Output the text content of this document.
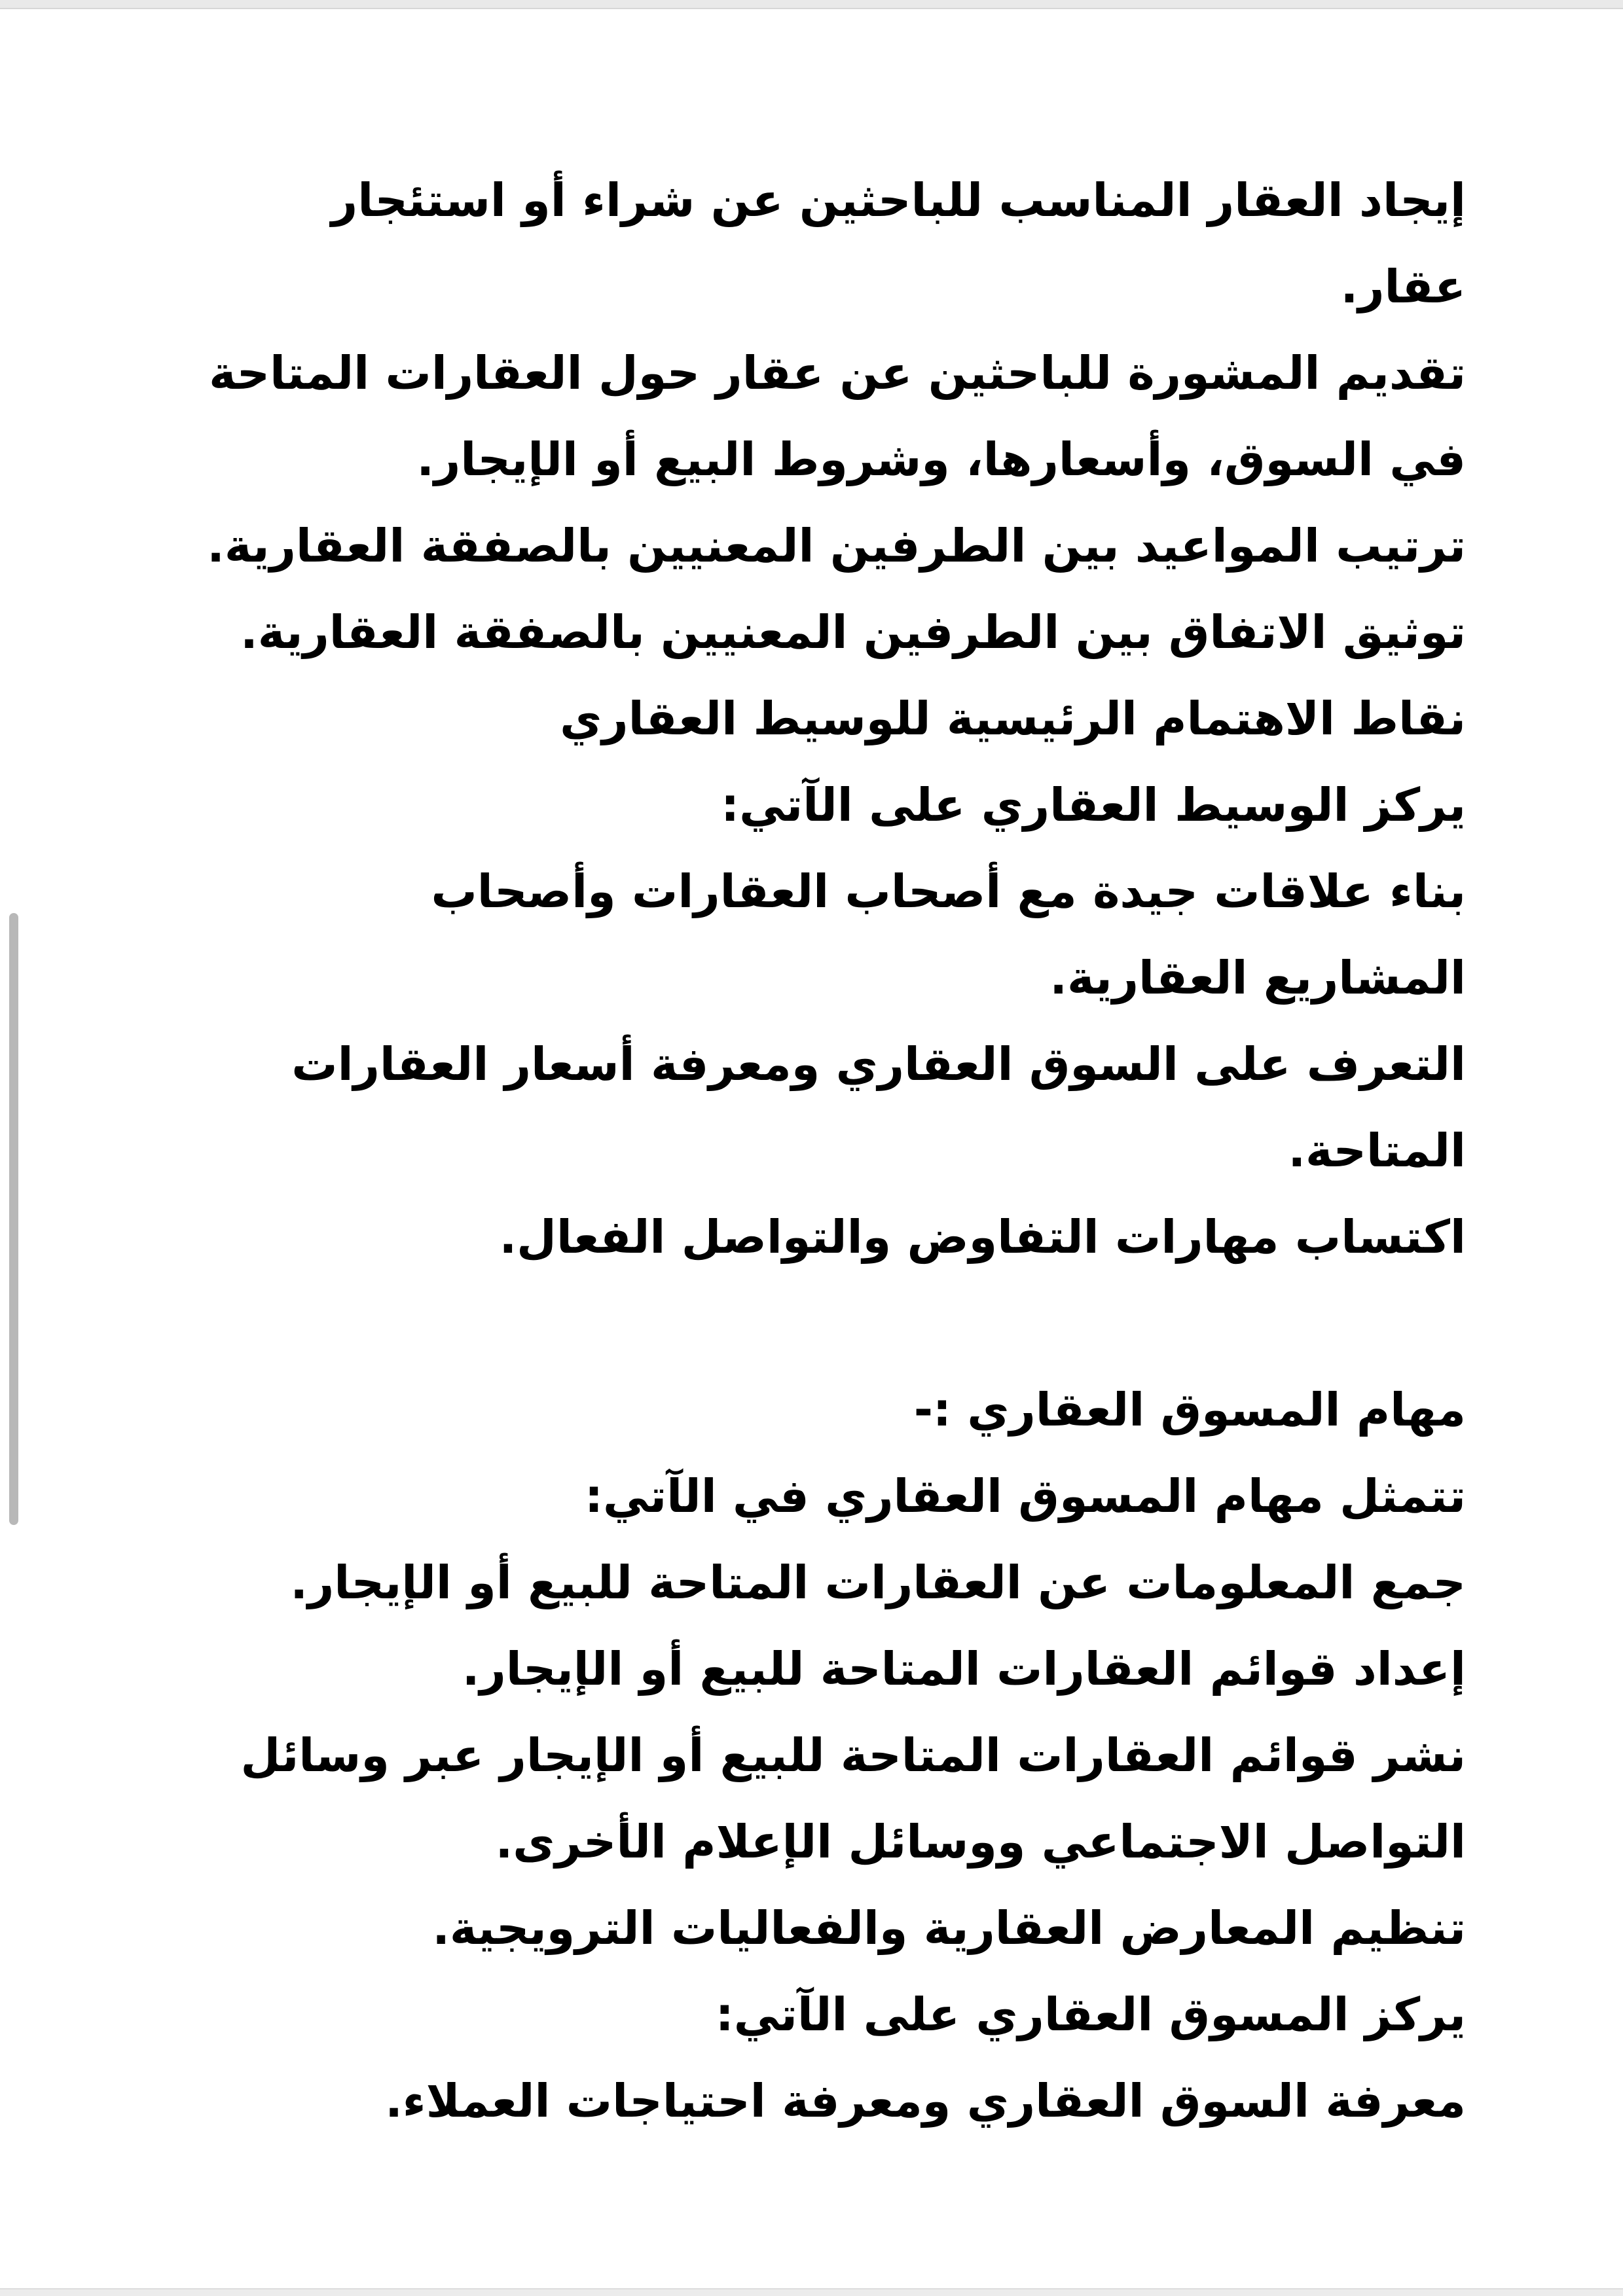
إيجاد العقار المناسب للباحثين عن شراء أو استئجار
عقار.
تقديم المشورة للباحثين عن عقار حول العقارات المتاحة
في السوق، وأسعارها، وشروط البيع أو الإيجار.
ترتيب المواعيد بين الطرفين المعنيين بالصفقة العقارية.
توثيق الاتفاق بين الطرفين المعنيين بالصفقة العقارية.
نقاط الاهتمام الرئيسية للوسيط العقاري
يركز الوسيط العقاري على الآتي:
بناء علاقات جيدة مع أصحاب العقارات وأصحاب
المشاريع العقارية.
التعرف على السوق العقاري ومعرفة أسعار العقارات
المتاحة.
اكتساب مهارات التفاوض والتواصل الفعال.
مهام المسوق العقاري :-
تتمثل مهام المسوق العقاري في الآتي:
جمع المعلومات عن العقارات المتاحة للبيع أو الإيجار.
إعداد قوائم العقارات المتاحة للبيع أو الإيجار.
نشر قوائم العقارات المتاحة للبيع أو الإيجار عبر وسائل
التواصل الاجتماعي ووسائل الإعلام الأخرى.
تنظيم المعارض العقارية والفعاليات الترويجية.
يركز المسوق العقاري على الآتي:
معرفة السوق العقاري ومعرفة احتياجات العملاء.
